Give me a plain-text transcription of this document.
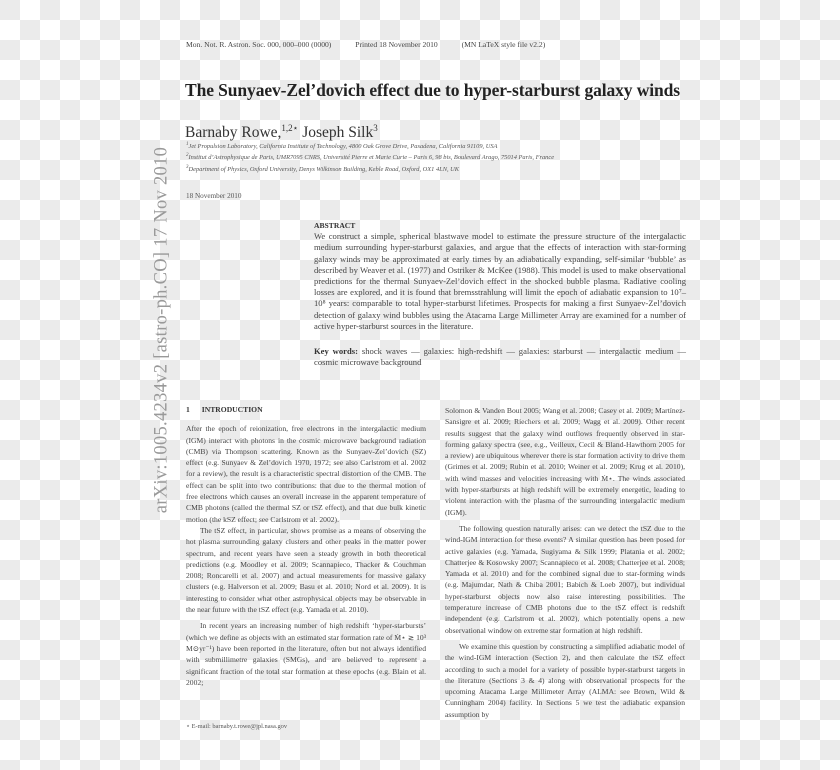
Mon. Not. R. Astron. Soc. 000, 000–000 (0000)	Printed 18 November 2010	(MN LaTeX style file v2.2)
The Sunyaev-Zel’dovich effect due to hyper-starburst galaxy winds
Barnaby Rowe,$^{1,2⋆}$ Joseph Silk$^3$
$^1$Jet Propulsion Laboratory, California Institute of Technology, 4800 Oak Grove Drive, Pasadena, California 91109, USA
$^2$Institut d’Astrophysique de Paris, UMR7095 CNRS, Université Pierre et Marie Curie – Paris 6, 98 bis, Boulevard Arago, 75014 Paris, France
$^3$Department of Physics, Oxford University, Denys Wilkinson Building, Keble Road, Oxford, OX1 4LN, UK
18 November 2010
arXiv:1005.4234v2 [astro-ph.CO] 17 Nov 2010	ABSTRACT
We construct a simple, spherical blastwave model to estimate the pressure structure of the intergalactic medium surrounding hyper-starburst galaxies, and argue that the effects of interaction with star-forming galaxy winds may be approximated at early times by an adiabatically expanding, self-similar ‘bubble’ as described by Weaver et al. (1977) and Ostriker & McKee (1988). This model is used to make observational predictions for the thermal Sunyaev-Zel’dovich effect in the shocked bubble plasma. Radiative cooling losses are explored, and it is found that bremsstrahlung will limit the epoch of adiabatic expansion to 10⁷–10⁸ years: comparable to total hyper-starburst lifetimes. Prospects for making a first Sunyaev-Zel’dovich detection of galaxy wind bubbles using the Atacama Large Millimeter Array are examined for a number of active hyper-starburst sources in the literature.
Key words: shock waves — galaxies: high-redshift — galaxies: starburst — intergalactic medium — cosmic microwave background
1 INTRODUCTION

After the epoch of reionization, free electrons in the intergalactic medium (IGM) interact with photons in the cosmic microwave background radiation (CMB) via Thompson scattering. Known as the Sunyaev-Zel’dovich (SZ) effect (e.g. Sunyaev & Zel’dovich 1970, 1972; see also Carlstrom et al. 2002 for a review), the result is a characteristic spectral distortion of the CMB. The effect can be split into two contributions: that due to the thermal motion of free electrons which causes an overall increase in the apparent temperature of CMB photons (called the thermal SZ or tSZ effect), and that due bulk kinetic motion (the kSZ effect; see Carlstrom et al. 2002).

The tSZ effect, in particular, shows promise as a means of observing the hot plasma surrounding galaxy clusters and other peaks in the matter power spectrum, and recent years have seen a steady growth in both theoretical predictions (e.g. Moodley et al. 2009; Scannapieco, Thacker & Couchman 2008; Roncarelli et al. 2007) and actual measurements for massive galaxy clusters (e.g. Halverson et al. 2009; Basu et al. 2010; Nord et al. 2009). It is interesting to consider what other astrophysical objects may be observable in the near future with the tSZ effect (e.g. Yamada et al. 2010).

In recent years an increasing number of high redshift ‘hyper-starbursts’ (which we define as objects with an estimated star formation rate of Ṁ⋆ ≳ 10³ M⊙yr⁻¹) have been reported in the literature, often but not always identified with submillimetre galaxies (SMGs), and are believed to represent a significant fraction of the total star formation at these epochs (e.g. Blain et al. 2002;

Solomon & Vanden Bout 2005; Wang et al. 2008; Casey et al. 2009; Martínez-Sansigre et al. 2009; Riechers et al. 2009; Wagg et al. 2009). Other recent results suggest that the galaxy wind outflows frequently observed in star-forming galaxy spectra (see, e.g., Veilleux, Cecil & Bland-Hawthorn 2005 for a review) are ubiquitous wherever there is star formation activity to drive them (Grimes et al. 2009; Rubin et al. 2010; Weiner et al. 2009; Krug et al. 2010), with wind masses and velocities increasing with Ṁ⋆. The winds associated with hyper-starbursts at high redshift will be extremely energetic, leading to violent interaction with the plasma of the surrounding intergalactic medium (IGM).

The following question naturally arises: can we detect the tSZ due to the wind-IGM interaction for these events? A similar question has been posed for active galaxies (e.g. Yamada, Sugiyama & Silk 1999; Platania et al. 2002; Chatterjee & Kosowsky 2007; Scannapieco et al. 2008; Chatterjee et al. 2008; Yamada et al. 2010) and for the combined signal due to star-forming winds (e.g. Majumdar, Nath & Chiba 2001; Babich & Loeb 2007), but individual hyper-starburst objects now also raise interesting possibilities. The temperature increase of CMB photons due to the tSZ effect is redshift independent (e.g. Carlstrom et al. 2002), which potentially opens a new observational window on extreme star formation at high redshift.

We examine this question by constructing a simplified adiabatic model of the wind-IGM interaction (Section 2), and then calculate the tSZ effect according to such a model for a variety of possible hyper-starburst targets in the literature (Sections 3 & 4) along with observational prospects for the upcoming Atacama Large Millimeter Array (ALMA: see Brown, Wild & Cunningham 2004) facility. In Sections 5 we test the adiabatic expansion assumption by

⋆ E-mail: barnaby.t.rowe@jpl.nasa.gov
